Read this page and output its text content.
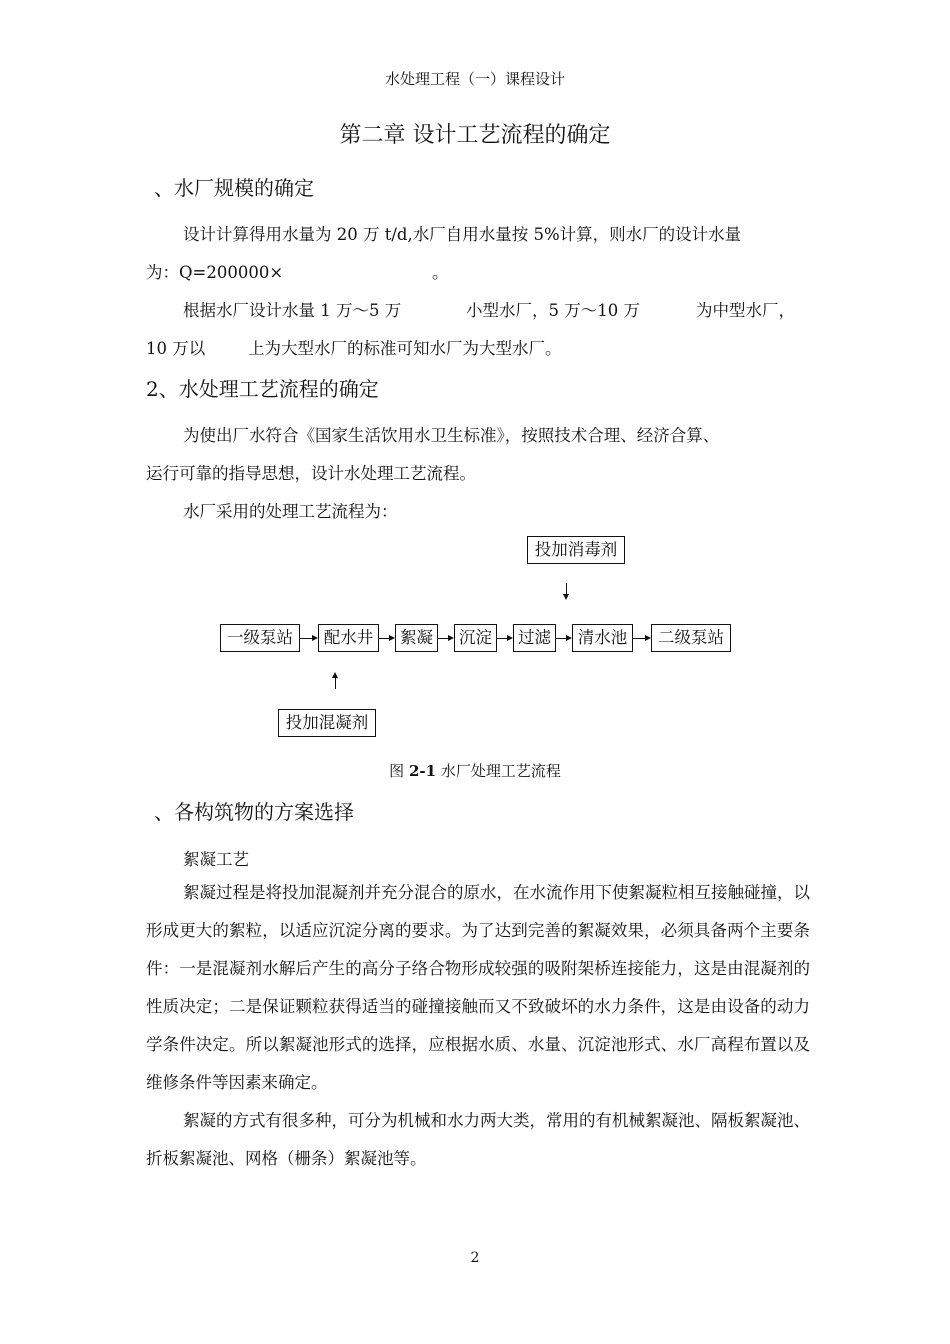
水处理工程（一）课程设计
第二章 设计工艺流程的确定
、水厂规模的确定
设计计算得用水量为 20 万 t/d,水厂自用水量按 5%计算，则水厂的设计水量
为：Q=200000×	。
根据水厂设计水量 1 万～5 万	小型水厂，5 万～10 万	为中型水厂，
10 万以	上为大型水厂的标准可知水厂为大型水厂。
2、水处理工艺流程的确定
为使出厂水符合《国家生活饮用水卫生标准》，按照技术合理、经济合算、
运行可靠的指导思想，设计水处理工艺流程。
水厂采用的处理工艺流程为：
投加消毒剂
一级泵站	配水井	絮凝	沉淀	过滤	清水池	二级泵站
投加混凝剂
图 2-1 水厂处理工艺流程
、各构筑物的方案选择
絮凝工艺
絮凝过程是将投加混凝剂并充分混合的原水，在水流作用下使絮凝粒相互接触碰撞，以形成更大的絮粒，以适应沉淀分离的要求。为了达到完善的絮凝效果，必须具备两个主要条件：一是混凝剂水解后产生的高分子络合物形成较强的吸附架桥连接能力，这是由混凝剂的性质决定；二是保证颗粒获得适当的碰撞接触而又不致破坏的水力条件，这是由设备的动力学条件决定。所以絮凝池形式的选择，应根据水质、水量、沉淀池形式、水厂高程布置以及维修条件等因素来确定。
絮凝的方式有很多种，可分为机械和水力两大类，常用的有机械絮凝池、隔板絮凝池、折板絮凝池、网格（栅条）絮凝池等。
2
